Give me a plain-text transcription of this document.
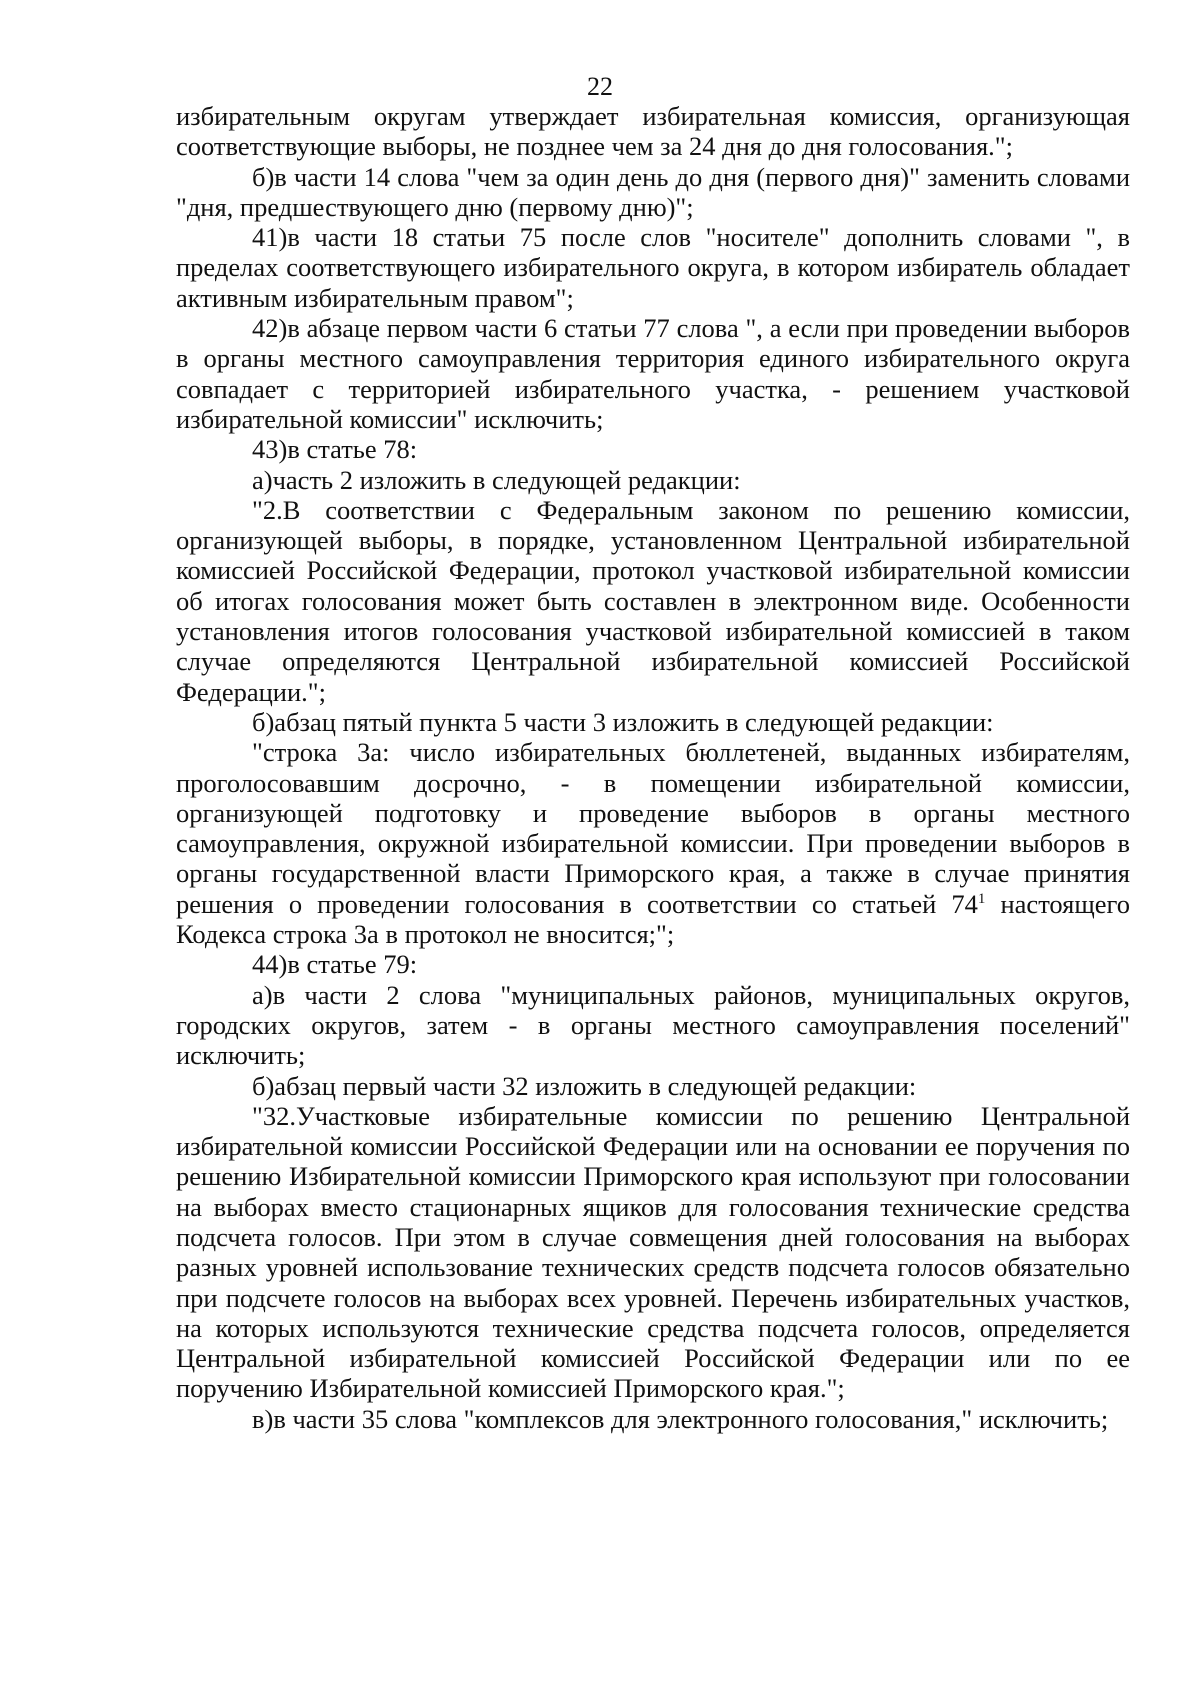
22

избирательным округам утверждает избирательная комиссия, организующая соответствующие выборы, не позднее чем за 24 дня до дня голосования.";

б)в части 14 слова "чем за один день до дня (первого дня)" заменить словами "дня, предшествующего дню (первому дню)";

41)в части 18 статьи 75 после слов "носителе" дополнить словами ", в пределах соответствующего избирательного округа, в котором избиратель обладает активным избирательным правом";

42)в абзаце первом части 6 статьи 77 слова ", а если при проведении выборов в органы местного самоуправления территория единого избирательного округа совпадает с территорией избирательного участка, - решением участковой избирательной комиссии" исключить;

43)в статье 78:

а)часть 2 изложить в следующей редакции:

"2.В соответствии с Федеральным законом по решению комиссии, организующей выборы, в порядке, установленном Центральной избирательной комиссией Российской Федерации, протокол участковой избирательной комиссии об итогах голосования может быть составлен в электронном виде. Особенности установления итогов голосования участковой избирательной комиссией в таком случае определяются Центральной избирательной комиссией Российской Федерации.";

б)абзац пятый пункта 5 части 3 изложить в следующей редакции:

"строка 3а: число избирательных бюллетеней, выданных избирателям, проголосовавшим досрочно, - в помещении избирательной комиссии, организующей подготовку и проведение выборов в органы местного самоуправления, окружной избирательной комиссии. При проведении выборов в органы государственной власти Приморского края, а также в случае принятия решения о проведении голосования в соответствии со статьей $74^1$ настоящего Кодекса строка 3а в протокол не вносится;";

44)в статье 79:

а)в части 2 слова "муниципальных районов, муниципальных округов, городских округов, затем - в органы местного самоуправления поселений" исключить;

б)абзац первый части 32 изложить в следующей редакции:

"32.Участковые избирательные комиссии по решению Центральной избирательной комиссии Российской Федерации или на основании ее поручения по решению Избирательной комиссии Приморского края используют при голосовании на выборах вместо стационарных ящиков для голосования технические средства подсчета голосов. При этом в случае совмещения дней голосования на выборах разных уровней использование технических средств подсчета голосов обязательно при подсчете голосов на выборах всех уровней. Перечень избирательных участков, на которых используются технические средства подсчета голосов, определяется Центральной избирательной комиссией Российской Федерации или по ее поручению Избирательной комиссией Приморского края.";

в)в части 35 слова "комплексов для электронного голосования," исключить;
